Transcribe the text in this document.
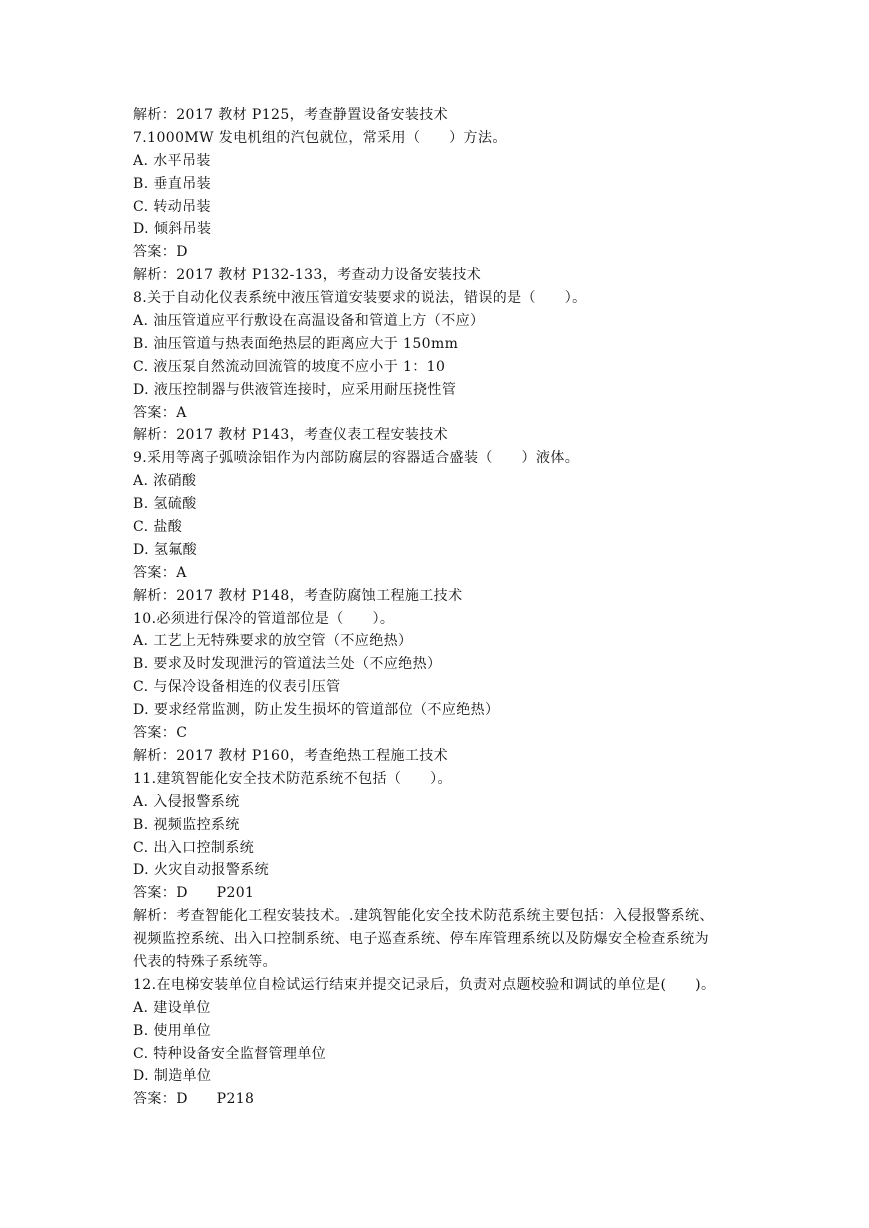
解析：2017 教材 P125，考查静置设备安装技术
7.1000MW 发电机组的汽包就位，常采用（　　）方法。
A. 水平吊装
B. 垂直吊装
C. 转动吊装
D. 倾斜吊装
答案：D
解析：2017 教材 P132-133，考查动力设备安装技术
8.关于自动化仪表系统中液压管道安装要求的说法，错误的是（　　）。
A. 油压管道应平行敷设在高温设备和管道上方（不应）
B. 油压管道与热表面绝热层的距离应大于 150mm
C. 液压泵自然流动回流管的坡度不应小于 1：10
D. 液压控制器与供液管连接时，应采用耐压挠性管
答案：A
解析：2017 教材 P143，考查仪表工程安装技术
9.采用等离子弧喷涂铝作为内部防腐层的容器适合盛装（　　）液体。
A. 浓硝酸
B. 氢硫酸
C. 盐酸
D. 氢氟酸
答案：A
解析：2017 教材 P148，考查防腐蚀工程施工技术
10.必须进行保冷的管道部位是（　　）。
A. 工艺上无特殊要求的放空管（不应绝热）
B. 要求及时发现泄污的管道法兰处（不应绝热）
C. 与保冷设备相连的仪表引压管
D. 要求经常监测，防止发生损坏的管道部位（不应绝热）
答案：C
解析：2017 教材 P160，考查绝热工程施工技术
11.建筑智能化安全技术防范系统不包括（　　）。
A. 入侵报警系统
B. 视频监控系统
C. 出入口控制系统
D. 火灾自动报警系统
答案：D　　P201
解析：考查智能化工程安装技术。.建筑智能化安全技术防范系统主要包括：入侵报警系统、
视频监控系统、出入口控制系统、电子巡查系统、停车库管理系统以及防爆安全检查系统为
代表的特殊子系统等。
12.在电梯安装单位自检试运行结束并提交记录后，负责对点题校验和调试的单位是(　　)。
A. 建设单位
B. 使用单位
C. 特种设备安全监督管理单位
D. 制造单位
答案：D　　P218
